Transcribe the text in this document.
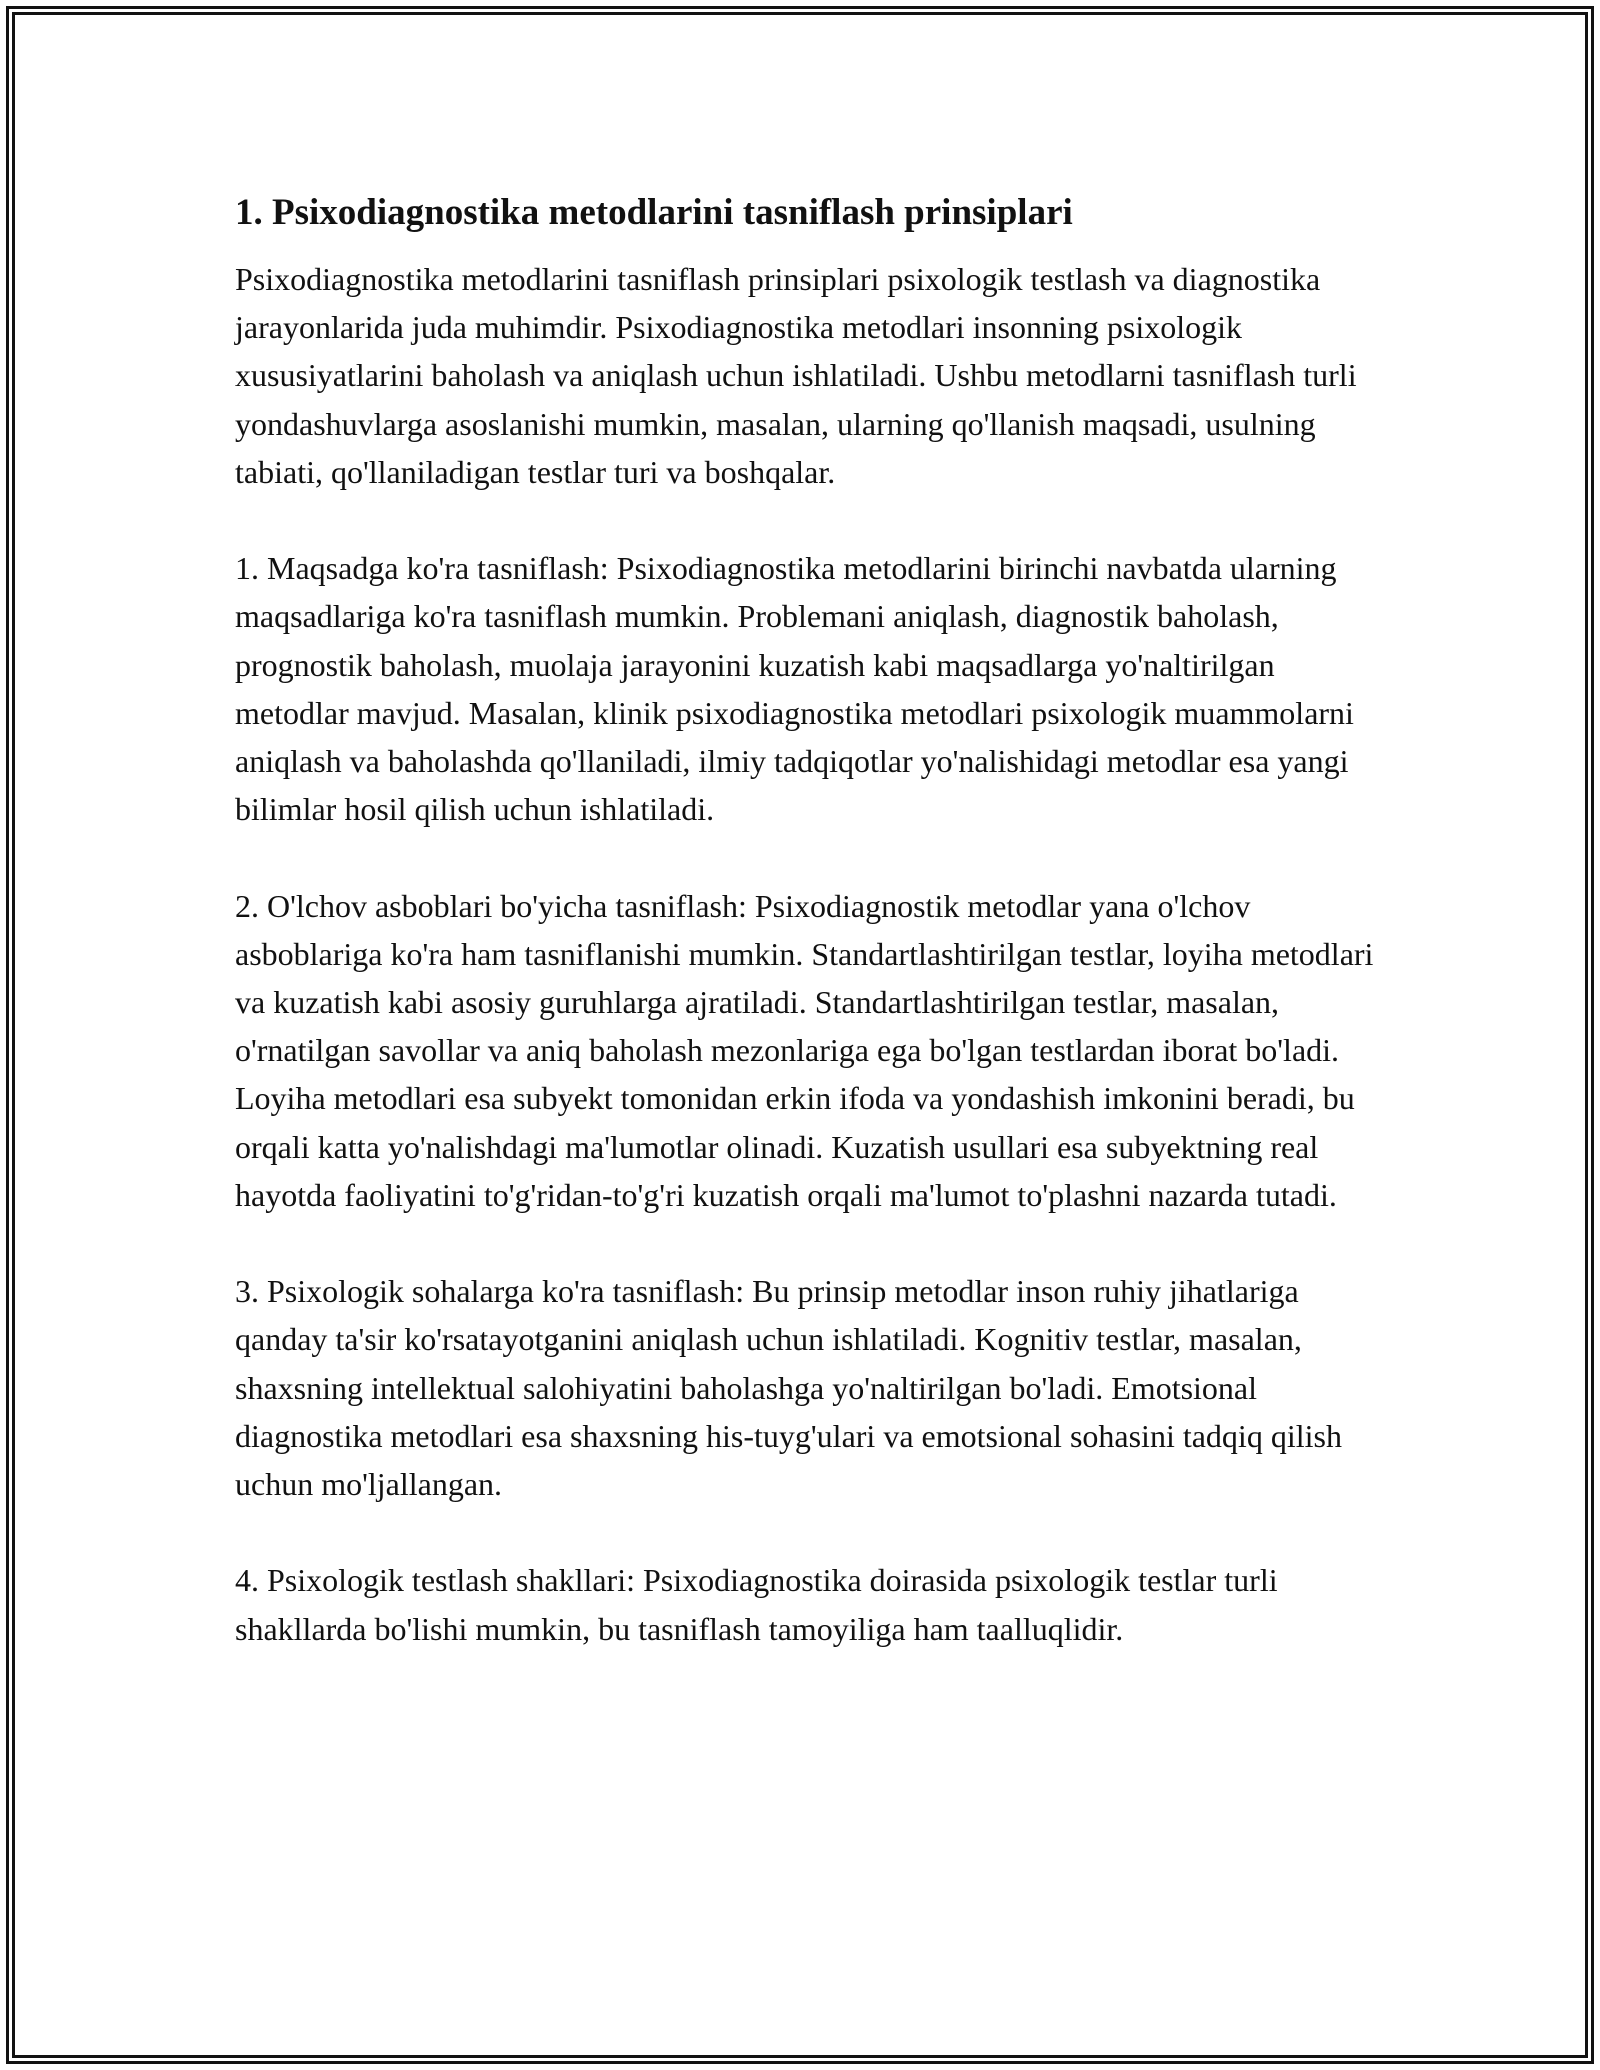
1. Psixodiagnostika metodlarini tasniflash prinsiplari

Psixodiagnostika metodlarini tasniflash prinsiplari psixologik testlash va diagnostika jarayonlarida juda muhimdir. Psixodiagnostika metodlari insonning psixologik xususiyatlarini baholash va aniqlash uchun ishlatiladi. Ushbu metodlarni tasniflash turli yondashuvlarga asoslanishi mumkin, masalan, ularning qo'llanish maqsadi, usulning tabiati, qo'llaniladigan testlar turi va boshqalar.

1. Maqsadga ko'ra tasniflash: Psixodiagnostika metodlarini birinchi navbatda ularning maqsadlariga ko'ra tasniflash mumkin. Problemani aniqlash, diagnostik baholash, prognostik baholash, muolaja jarayonini kuzatish kabi maqsadlarga yo'naltirilgan metodlar mavjud. Masalan, klinik psixodiagnostika metodlari psixologik muammolarni aniqlash va baholashda qo'llaniladi, ilmiy tadqiqotlar yo'nalishidagi metodlar esa yangi bilimlar hosil qilish uchun ishlatiladi.

2. O'lchov asboblari bo'yicha tasniflash: Psixodiagnostik metodlar yana o'lchov asboblariga ko'ra ham tasniflanishi mumkin. Standartlashtirilgan testlar, loyiha metodlari va kuzatish kabi asosiy guruhlarga ajratiladi. Standartlashtirilgan testlar, masalan, o'rnatilgan savollar va aniq baholash mezonlariga ega bo'lgan testlardan iborat bo'ladi. Loyiha metodlari esa subyekt tomonidan erkin ifoda va yondashish imkonini beradi, bu orqali katta yo'nalishdagi ma'lumotlar olinadi. Kuzatish usullari esa subyektning real hayotda faoliyatini to'g'ridan-to'g'ri kuzatish orqali ma'lumot to'plashni nazarda tutadi.

3. Psixologik sohalarga ko'ra tasniflash: Bu prinsip metodlar inson ruhiy jihatlariga qanday ta'sir ko'rsatayotganini aniqlash uchun ishlatiladi. Kognitiv testlar, masalan, shaxsning intellektual salohiyatini baholashga yo'naltirilgan bo'ladi. Emotsional diagnostika metodlari esa shaxsning his-tuyg'ulari va emotsional sohasini tadqiq qilish uchun mo'ljallangan.

4. Psixologik testlash shakllari: Psixodiagnostika doirasida psixologik testlar turli shakllarda bo'lishi mumkin, bu tasniflash tamoyiliga ham taalluqlidir.
